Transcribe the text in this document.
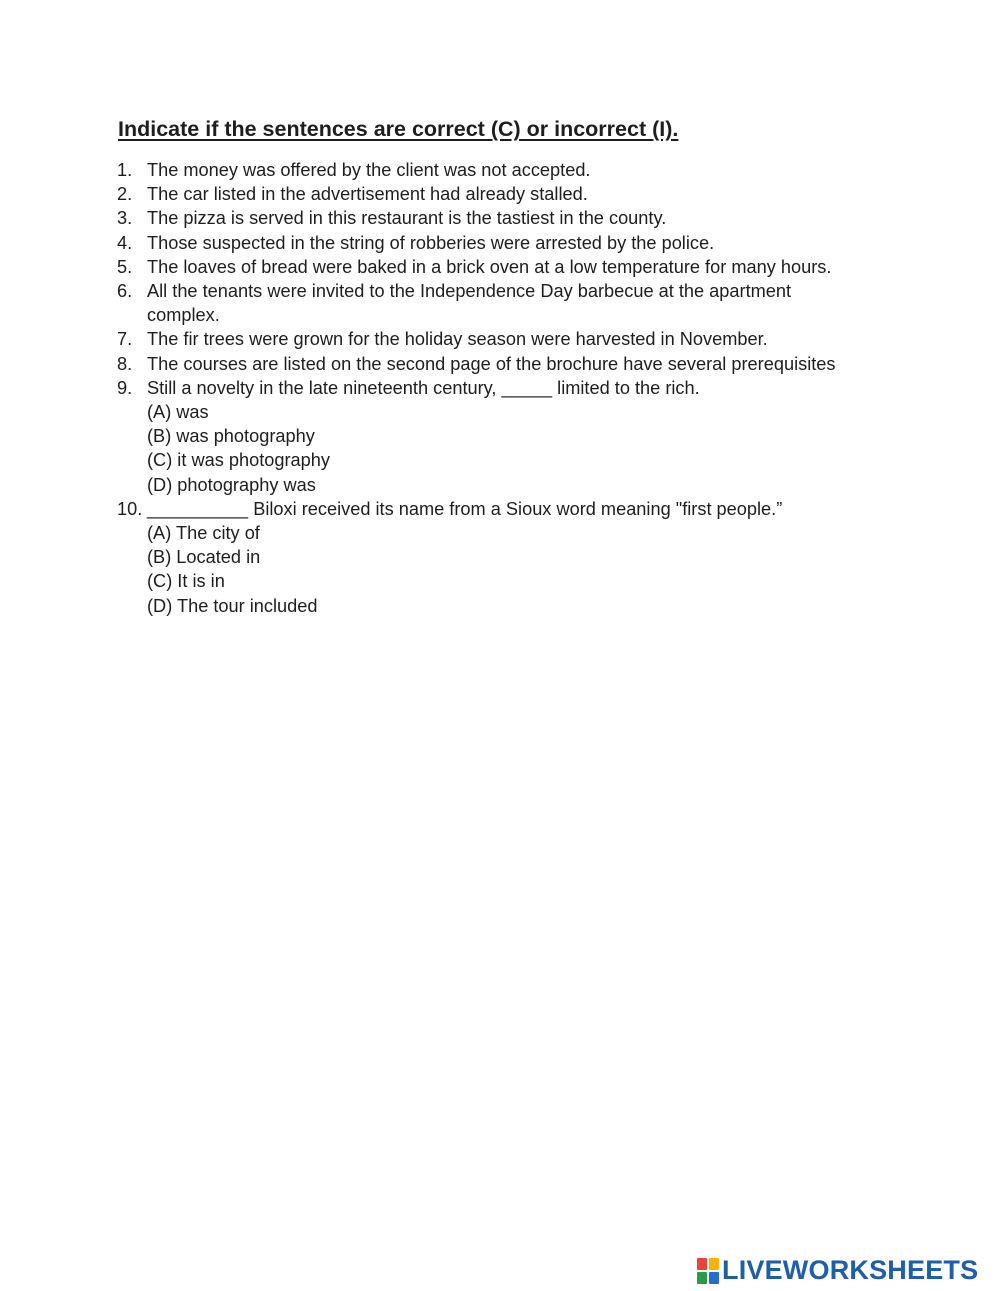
Indicate if the sentences are correct (C) or incorrect (I).
1. The money was offered by the client was not accepted.
2. The car listed in the advertisement had already stalled.
3. The pizza is served in this restaurant is the tastiest in the county.
4. Those suspected in the string of robberies were arrested by the police.
5. The loaves of bread were baked in a brick oven at a low temperature for many hours.
6. All the tenants were invited to the Independence Day barbecue at the apartment complex.
7. The fir trees were grown for the holiday season were harvested in November.
8. The courses are listed on the second page of the brochure have several prerequisites
9. Still a novelty in the late nineteenth century, _____ limited to the rich.
(A) was
(B) was photography
(C) it was photography
(D) photography was
10. __________ Biloxi received its name from a Sioux word meaning "first people.”
(A) The city of
(B) Located in
(C) It is in
(D) The tour included
LIVEWORKSHEETS
